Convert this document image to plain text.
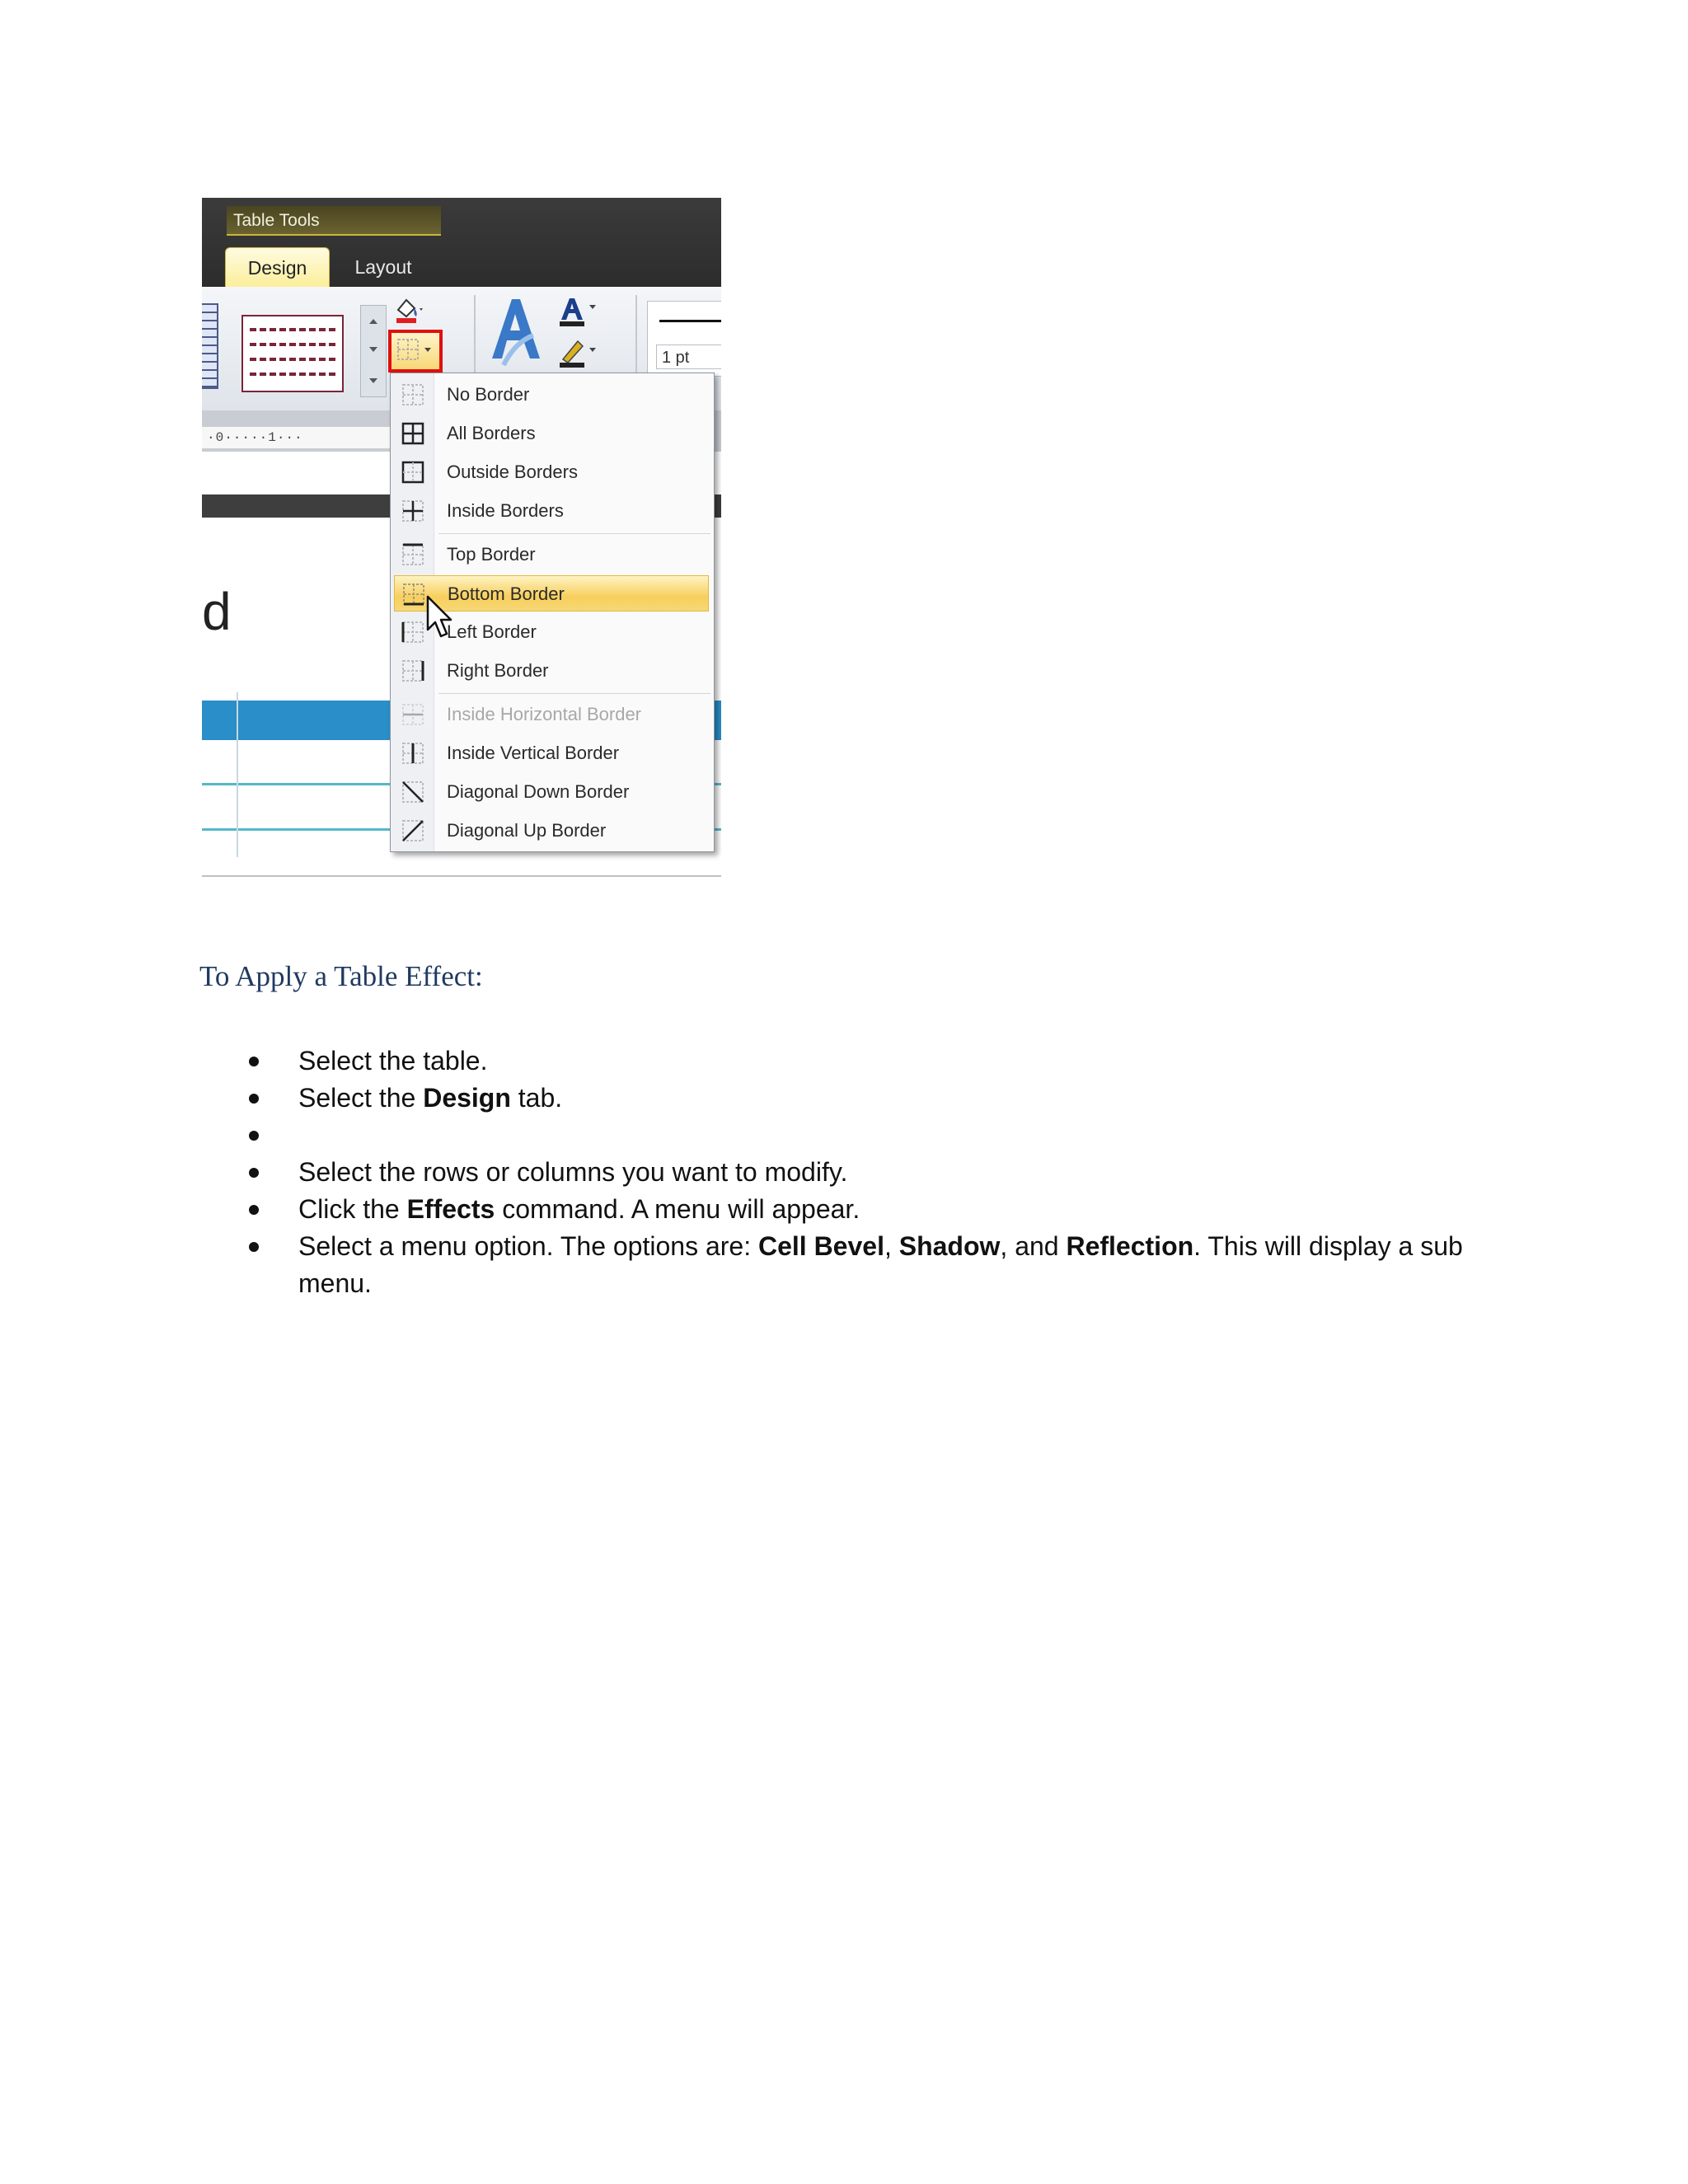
Table Tools
Design	Layout
1 pt
·0·····1···
d
No Border
All Borders
Outside Borders
Inside Borders
Top Border
Bottom Border
Left Border
Right Border
Inside Horizontal Border
Inside Vertical Border
Diagonal Down Border
Diagonal Up Border
To Apply a Table Effect:
Select the table.
Select the Design tab.
Select the rows or columns you want to modify.
Click the Effects command. A menu will appear.
Select a menu option. The options are: Cell Bevel, Shadow, and Reflection. This will display a sub menu.
